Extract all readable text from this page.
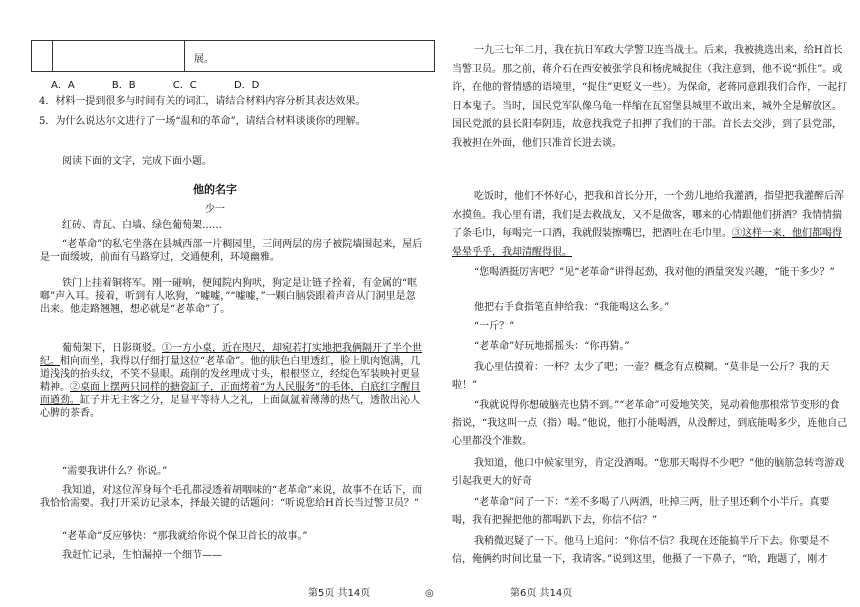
展。
A．A	B．B	C．C	D．D
4．材料一提到很多与时间有关的词汇，请结合材料内容分析其表达效果。
5．为什么说达尔文进行了一场“温和的革命”，请结合材料谈谈你的理解。
阅读下面的文字，完成下面小题。
他的名字
少一

红砖、青瓦、白墙、绿色葡萄架……

“老革命”的私宅坐落在县城西部一片稠园里，三间两层的房子被院墙围起来，屋后是一面缓坡，前面有马路穿过，交通便利，环境幽雅。

铁门上挂着铜将军。刚一碰响，便闻院内狗吠，狗定是让链子拴着，有金属的“哐啷”声入耳。接着，听到有人吆狗，“嘘嘘，”“嘘嘘，”一颗白脑袋跟着声音从门洞里是忽出来。他走路翘翘，想必就是“老革命”了。

葡萄架下，日影斑驳。①一方小桌，近在咫尺，却宛若打实地把我俩隔开了半个世纪。相向而坐，我得以仔细打量这位“老革命”。他的肤色白里透红，脸上肌肉饱满，几道浅浅的抬头纹，不笑不显眼。疏削的发丝理成寸头，根根竖立，经绽色军装映衬更显精神。②桌面上摆两只同样的搪瓷缸子，正面烤着“为人民服务”的毛体，白底红字醒目而遒劲。缸子并无主客之分，足显平等待人之礼，上面氤氲着薄薄的热气，透散出沁人心脾的茶香。

“需要我讲什么？你说。”

我知道，对这位浑身每个毛孔都浸透着胡咽味的“老革命”来说，故事不在话下，而我恰恰需要。我打开采访记录本，择最关键的话题问：“听说您给H首长当过警卫员？”

“老革命”反应够快：“那我就给你说个保卫首长的故事。”

我赶忙记录，生怕漏掉一个细节——

第5页 共14页	◎

一九三七年二月，我在抗日军政大学警卫连当战士。后来，我被挑选出来，给H首长当警卫员。那之前，蒋介石在西安被张学良和杨虎城捉住（我注意到，他不说“抓住”。或许，在他的督情感的语境里，“捉住”更贬义一些）。为保命，老蒋同意跟我们合作，一起打日本鬼子。当时，国民党军队像乌龟一样缩在瓦窑堡县城里不敢出来，城外全是解放区。国民党派的县长阳奉阴违，故意找我党子扣押了我们的干部。首长去交涉，到了县党部，我被担在外面，他们只准首长进去谈。

吃饭时，他们不怀好心，把我和首长分开，一个劲儿地给我灌酒，指望把我灌醉后浑水摸鱼。我心里有谱，我们是去救战友，又不是做客，哪来的心情跟他们拼酒？我情情揣了条毛巾，每喝完一口酒，我就假装擦嘴巴，把酒吐在毛巾里。③这样一来，他们都喝得晕晕乎乎，我却清醒得很。

“您喝酒挺厉害吧？”见“老革命”讲得起劲，我对他的酒量突发兴趣，“能干多少？”

他把右手食指笔直伸给我：“我能喝这么多。”

“一斤？”

“老革命”好玩地摇摇头：“你再猜。”

我心里估摸着：一杯？太少了吧；一壶？概念有点模糊。“莫非是一公斤？我的天啦！”

“我就说得你想破脑壳也猜不到。”“老革命”可爱地笑笑，晃动着他那根常节变形的食指说，“我这叫一点（指）喝。”他说，他打小能喝酒，从没醉过，到底能喝多少，连他自己心里都没个准数。

我知道，他口中候家里穷，肯定没酒喝。“您那天喝得不少吧？”他的脑筋急转弯游戏引起我更大的好奇

“老革命”问了一下：“差不多喝了八两酒，吐掉三两，肚子里还剩个小半斤。真要喝，我有把握把他的都喝趴下去，你信不信？”

我稍微迟疑了一下。他马上追问：“你信不信？我现在还能搞半斤下去。你要是不信，俺俩约时间比量一下，我请客。”说到这里，他摄了一下鼻子，“哈，跑题了，刚才

第6页 共14页
